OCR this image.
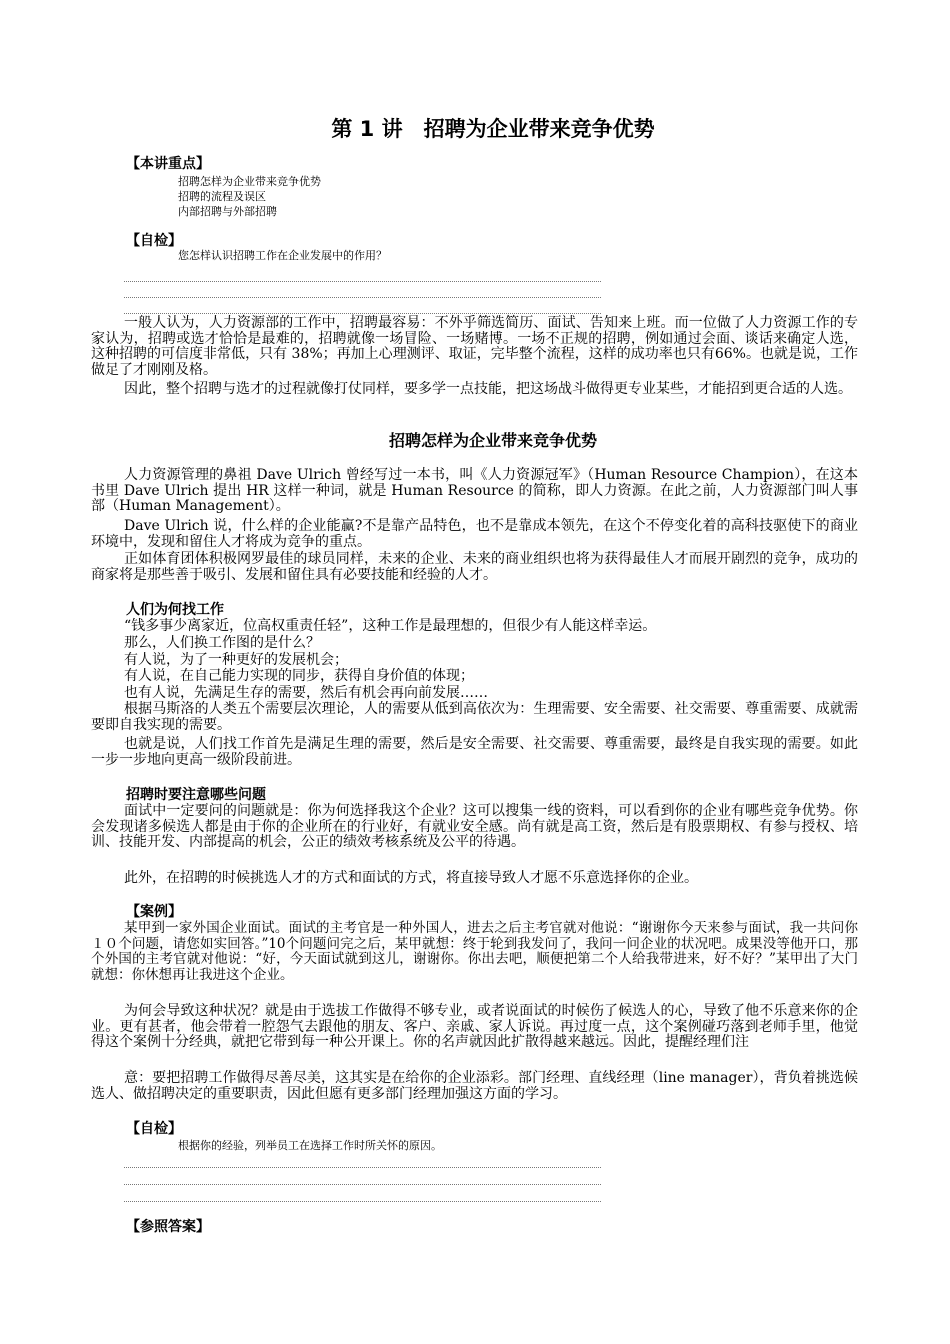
第 1 讲　招聘为企业带来竞争优势
【本讲重点】
招聘怎样为企业带来竞争优势
招聘的流程及误区
内部招聘与外部招聘
【自检】
您怎样认识招聘工作在企业发展中的作用？

一般人认为，人力资源部的工作中，招聘最容易：不外乎筛选简历、面试、告知来上班。而一位做了人力资源工作的专家认为，招聘或选才恰恰是最难的，招聘就像一场冒险、一场赌博。一场不正规的招聘，例如通过会面、谈话来确定人选，这种招聘的可信度非常低，只有 38%；再加上心理测评、取证，完毕整个流程，这样的成功率也只有66%。也就是说，工作做足了才刚刚及格。

因此，整个招聘与选才的过程就像打仗同样，要多学一点技能，把这场战斗做得更专业某些，才能招到更合适的人选。

招聘怎样为企业带来竞争优势

人力资源管理的鼻祖 Dave Ulrich 曾经写过一本书，叫《人力资源冠军》（Human Resource Champion），在这本书里 Dave Ulrich 提出 HR 这样一种词，就是 Human Resource 的简称，即人力资源。在此之前，人力资源部门叫人事部（Human Management）。

Dave Ulrich 说，什么样的企业能赢?不是靠产品特色，也不是靠成本领先，在这个不停变化着的高科技驱使下的商业环境中，发现和留住人才将成为竞争的重点。

正如体育团体积极网罗最佳的球员同样，未来的企业、未来的商业组织也将为获得最佳人才而展开剧烈的竞争，成功的商家将是那些善于吸引、发展和留住具有必要技能和经验的人才。

人们为何找工作
“钱多事少离家近，位高权重责任轻”，这种工作是最理想的，但很少有人能这样幸运。
那么，人们换工作图的是什么？
有人说，为了一种更好的发展机会；
有人说，在自己能力实现的同步，获得自身价值的体现；
也有人说，先满足生存的需要，然后有机会再向前发展……

根据马斯洛的人类五个需要层次理论，人的需要从低到高依次为：生理需要、安全需要、社交需要、尊重需要、成就需要即自我实现的需要。

也就是说，人们找工作首先是满足生理的需要，然后是安全需要、社交需要、尊重需要，最终是自我实现的需要。如此一步一步地向更高一级阶段前进。

招聘时要注意哪些问题

面试中一定要问的问题就是：你为何选择我这个企业？这可以搜集一线的资料，可以看到你的企业有哪些竞争优势。你会发现诸多候选人都是由于你的企业所在的行业好，有就业安全感。尚有就是高工资，然后是有股票期权、有参与授权、培训、技能开发、内部提高的机会，公正的绩效考核系统及公平的待遇。

此外，在招聘的时候挑选人才的方式和面试的方式，将直接导致人才愿不乐意选择你的企业。

【案例】

某甲到一家外国企业面试。面试的主考官是一种外国人，进去之后主考官就对他说：“谢谢你今天来参与面试，我一共问你１０个问题，请您如实回答。”10个问题问完之后，某甲就想：终于轮到我发问了，我问一问企业的状况吧。成果没等他开口，那个外国的主考官就对他说：“好，今天面试就到这儿，谢谢你。你出去吧，顺便把第二个人给我带进来，好不好？”某甲出了大门就想：你休想再让我进这个企业。

为何会导致这种状况？就是由于选拔工作做得不够专业，或者说面试的时候伤了候选人的心，导致了他不乐意来你的企业。更有甚者，他会带着一腔怨气去跟他的朋友、客户、亲戚、家人诉说。再过度一点，这个案例碰巧落到老师手里，他觉得这个案例十分经典，就把它带到每一种公开课上。你的名声就因此扩散得越来越远。因此，提醒经理们注

意：要把招聘工作做得尽善尽美，这其实是在给你的企业添彩。部门经理、直线经理（line manager），背负着挑选候选人、做招聘决定的重要职责，因此但愿有更多部门经理加强这方面的学习。

【自检】
根据你的经验，列举员工在选择工作时所关怀的原因。
【参照答案】
